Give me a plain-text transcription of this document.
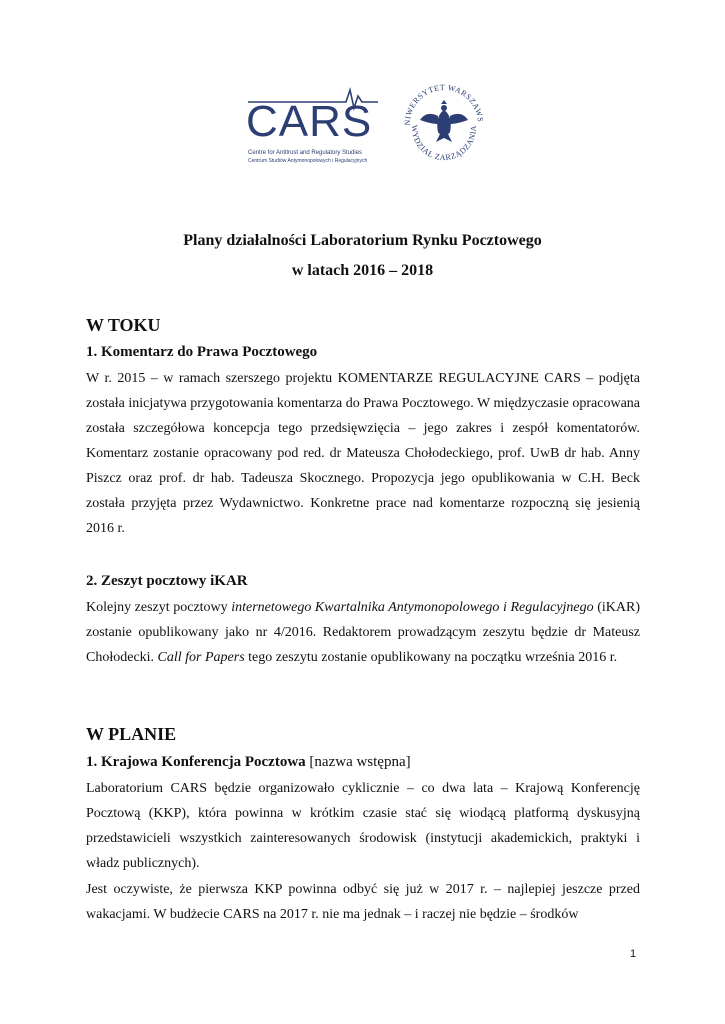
CARS
Centre for Antitrust and Regulatory Studies
Centrum Studiów Antymonopolowych i Regulacyjnych
NIWERSYTET WARSZAWS
WYDZIAŁ ZARZĄDZANIA
Plany działalności Laboratorium Rynku Pocztowego
w latach 2016 – 2018
W TOKU
1. Komentarz do Prawa Pocztowego

W r. 2015 – w ramach szerszego projektu KOMENTARZE REGULACYJNE CARS – podjęta została inicjatywa przygotowania komentarza do Prawa Pocztowego. W międzyczasie opracowana została szczegółowa koncepcja tego przedsięwzięcia – jego zakres i zespół komentatorów. Komentarz zostanie opracowany pod red. dr Mateusza Chołodeckiego, prof. UwB dr hab. Anny Piszcz oraz prof. dr hab. Tadeusza Skocznego. Propozycja jego opublikowania w C.H. Beck została przyjęta przez Wydawnictwo. Konkretne prace nad komentarze rozpoczną się jesienią 2016 r.

2. Zeszyt pocztowy iKAR

Kolejny zeszyt pocztowy internetowego Kwartalnika Antymonopolowego i Regulacyjnego (iKAR) zostanie opublikowany jako nr 4/2016. Redaktorem prowadzącym zeszytu będzie dr Mateusz Chołodecki. Call for Papers tego zeszytu zostanie opublikowany na początku września 2016 r.

W PLANIE
1. Krajowa Konferencja Pocztowa [nazwa wstępna]

Laboratorium CARS będzie organizowało cyklicznie – co dwa lata – Krajową Konferencję Pocztową (KKP), która powinna w krótkim czasie stać się wiodącą platformą dyskusyjną przedstawicieli wszystkich zainteresowanych środowisk (instytucji akademickich, praktyki i władz publicznych).

Jest oczywiste, że pierwsza KKP powinna odbyć się już w 2017 r. – najlepiej jeszcze przed wakacjami. W budżecie CARS na 2017 r. nie ma jednak – i raczej nie będzie – środków

1
